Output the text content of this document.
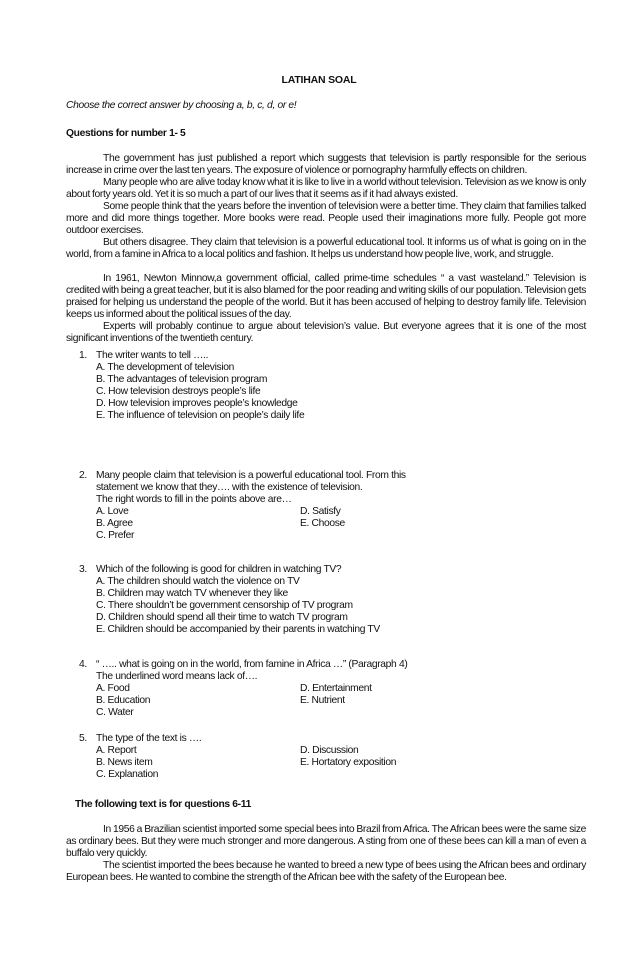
LATIHAN SOAL
Choose the correct answer by choosing a, b, c, d, or e!
Questions for number 1- 5
The government has just published a report which suggests that television is partly responsible for the serious increase in crime over the last ten years. The exposure of violence or pornography harmfully effects on children.
Many people who are alive today know what it is like to live in a world without television. Television as we know is only about forty years old. Yet it is so much a part of our lives that it seems as if it had always existed.
Some people think that the years before the invention of television were a better time. They claim that families talked more and did more things together. More books were read. People used their imaginations more fully. People got more outdoor exercises.
But others disagree. They claim that television is a powerful educational tool. It informs us of what is going on in the world, from a famine in Africa to a local politics and fashion. It helps us understand how people live, work, and struggle.
In 1961, Newton Minnow,a government official, called prime-time schedules “ a vast wasteland.” Television is credited with being a great teacher, but it is also blamed for the poor reading and writing skills of our population. Television gets praised for helping us understand the people of the world. But it has been accused of helping to destroy family life. Television keeps us informed about the political issues of the day.
Experts will probably continue to argue about television’s value. But everyone agrees that it is one of the most significant inventions of the twentieth century.
1. The writer wants to tell …..
A. The development of television
B. The advantages of television program
C. How television destroys people’s life
D. How television improves people’s knowledge
E. The influence of television on people’s daily life
2. Many people claim that television is a powerful educational tool. From this
statement we know that they…. with the existence of television.
The right words to fill in the points above are…
A. Love
B. Agree
C. Prefer
D. Satisfy
E. Choose
3. Which of the following is good for children in watching TV?
A. The children should watch the violence on TV
B. Children may watch TV whenever they like
C. There shouldn’t be government censorship of TV program
D. Children should spend all their time to watch TV program
E. Children should be accompanied by their parents in watching TV
4. “ ….. what is going on in the world, from famine in Africa …” (Paragraph 4)
The underlined word means lack of….
A. Food
B. Education
C. Water
D. Entertainment
E. Nutrient
5. The type of the text is ….
A. Report
B. News item
C. Explanation
D. Discussion
E. Hortatory exposition
The following text is for questions 6-11
In 1956 a Brazilian scientist imported some special bees into Brazil from Africa. The African bees were the same size as ordinary bees. But they were much stronger and more dangerous. A sting from one of these bees can kill a man of even a buffalo very quickly.
The scientist imported the bees because he wanted to breed a new type of bees using the African bees and ordinary European bees. He wanted to combine the strength of the African bee with the safety of the European bee.
